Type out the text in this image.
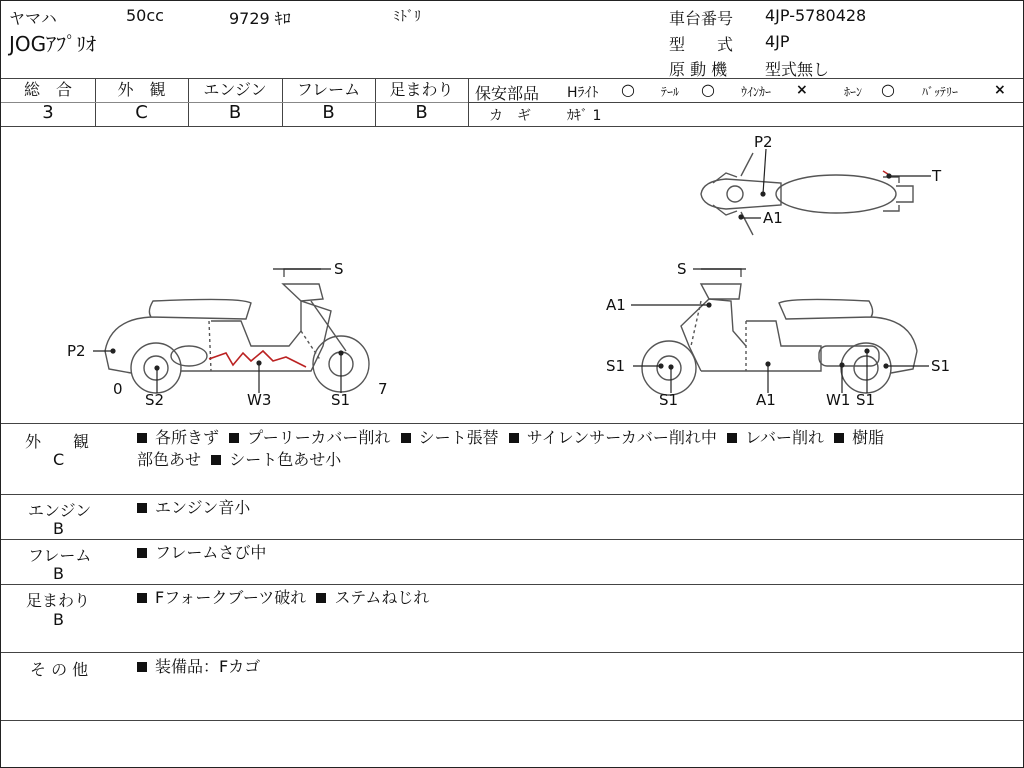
ヤマハ	50cc	9729 ｷﾛ	ﾐﾄﾞﾘ
JOGｱﾌﾟﾘｵ
車台番号 4JP-5780428
型　　式 4JP
原 動 機 型式無し
総　合
3
外　観
C
エンジン
B
フレーム
B
足まわり
B
保安部品 Hﾗｲﾄ ○ ﾃｰﾙ ○ ｳｲﾝｶｰ ×	ﾎｰﾝ ○ ﾊﾞｯﾃﾘｰ	×
カ　ギ	ｶｷﾞ 1
P2
T
A1
S
P2
0
S2	W3	S1
7
S
A1
S1
S1	A1	W1 S1
S1
外　　観
C
各所きず プーリーカバー削れ シート張替 サイレンサーカバー削れ中 レバー削れ 樹脂
部色あせ シート色あせ小
エンジン
B
エンジン音小
フレーム
B
フレームさび中
足まわり
B
Fフォークブーツ破れ ステムねじれ
そ の 他	装備品：Fカゴ
